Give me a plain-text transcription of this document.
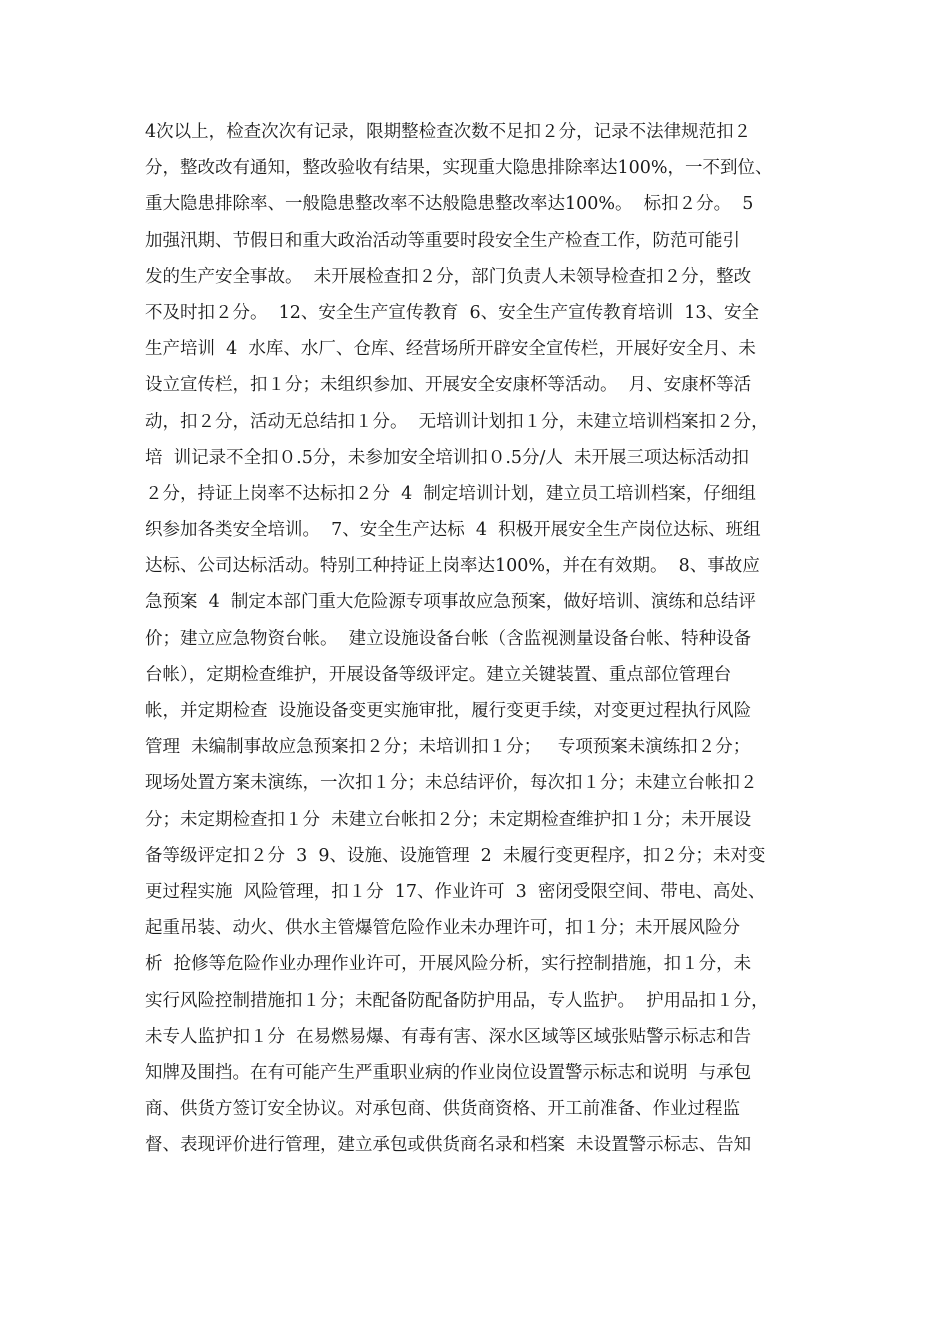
4次以上，检查次次有记录，限期整检查次数不足扣２分，记录不法律规范扣２
分，整改改有通知，整改验收有结果，实现重大隐患排除率达100%，一不到位、
重大隐患排除率、一般隐患整改率不达般隐患整改率达100%。  标扣２分。  5
加强汛期、节假日和重大政治活动等重要时段安全生产检查工作，防范可能引
发的生产安全事故。  未开展检查扣２分，部门负责人未领导检查扣２分，整改
不及时扣２分。  12、安全生产宣传教育  6、安全生产宣传教育培训  13、安全
生产培训  4  水库、水厂、仓库、经营场所开辟安全宣传栏，开展好安全月、未
设立宣传栏，扣１分；未组织参加、开展安全安康杯等活动。  月、安康杯等活
动，扣２分，活动无总结扣１分。  无培训计划扣１分，未建立培训档案扣２分，
培  训记录不全扣０.5分，未参加安全培训扣０.5分/人  未开展三项达标活动扣
２分，持证上岗率不达标扣２分  4  制定培训计划，建立员工培训档案，仔细组
织参加各类安全培训。  7、安全生产达标  4  积极开展安全生产岗位达标、班组
达标、公司达标活动。特别工种持证上岗率达100%，并在有效期。  8、事故应
急预案  4  制定本部门重大危险源专项事故应急预案，做好培训、演练和总结评
价；建立应急物资台帐。  建立设施设备台帐（含监视测量设备台帐、特种设备
台帐），定期检查维护，开展设备等级评定。建立关键装置、重点部位管理台
帐，并定期检查  设施设备变更实施审批，履行变更手续，对变更过程执行风险
管理  未编制事故应急预案扣２分；未培训扣１分；   专项预案未演练扣２分；
现场处置方案未演练，一次扣１分；未总结评价，每次扣１分；未建立台帐扣２
分；未定期检查扣１分  未建立台帐扣２分；未定期检查维护扣１分；未开展设
备等级评定扣２分  3  9、设施、设施管理  2  未履行变更程序，扣２分；未对变
更过程实施  风险管理，扣１分  17、作业许可  3  密闭受限空间、带电、高处、
起重吊装、动火、供水主管爆管危险作业未办理许可，扣１分；未开展风险分
析  抢修等危险作业办理作业许可，开展风险分析，实行控制措施，扣１分，未
实行风险控制措施扣１分；未配备防配备防护用品，专人监护。  护用品扣１分，
未专人监护扣１分  在易燃易爆、有毒有害、深水区域等区域张贴警示标志和告
知牌及围挡。在有可能产生严重职业病的作业岗位设置警示标志和说明  与承包
商、供货方签订安全协议。对承包商、供货商资格、开工前准备、作业过程监
督、表现评价进行管理，建立承包或供货商名录和档案  未设置警示标志、告知
